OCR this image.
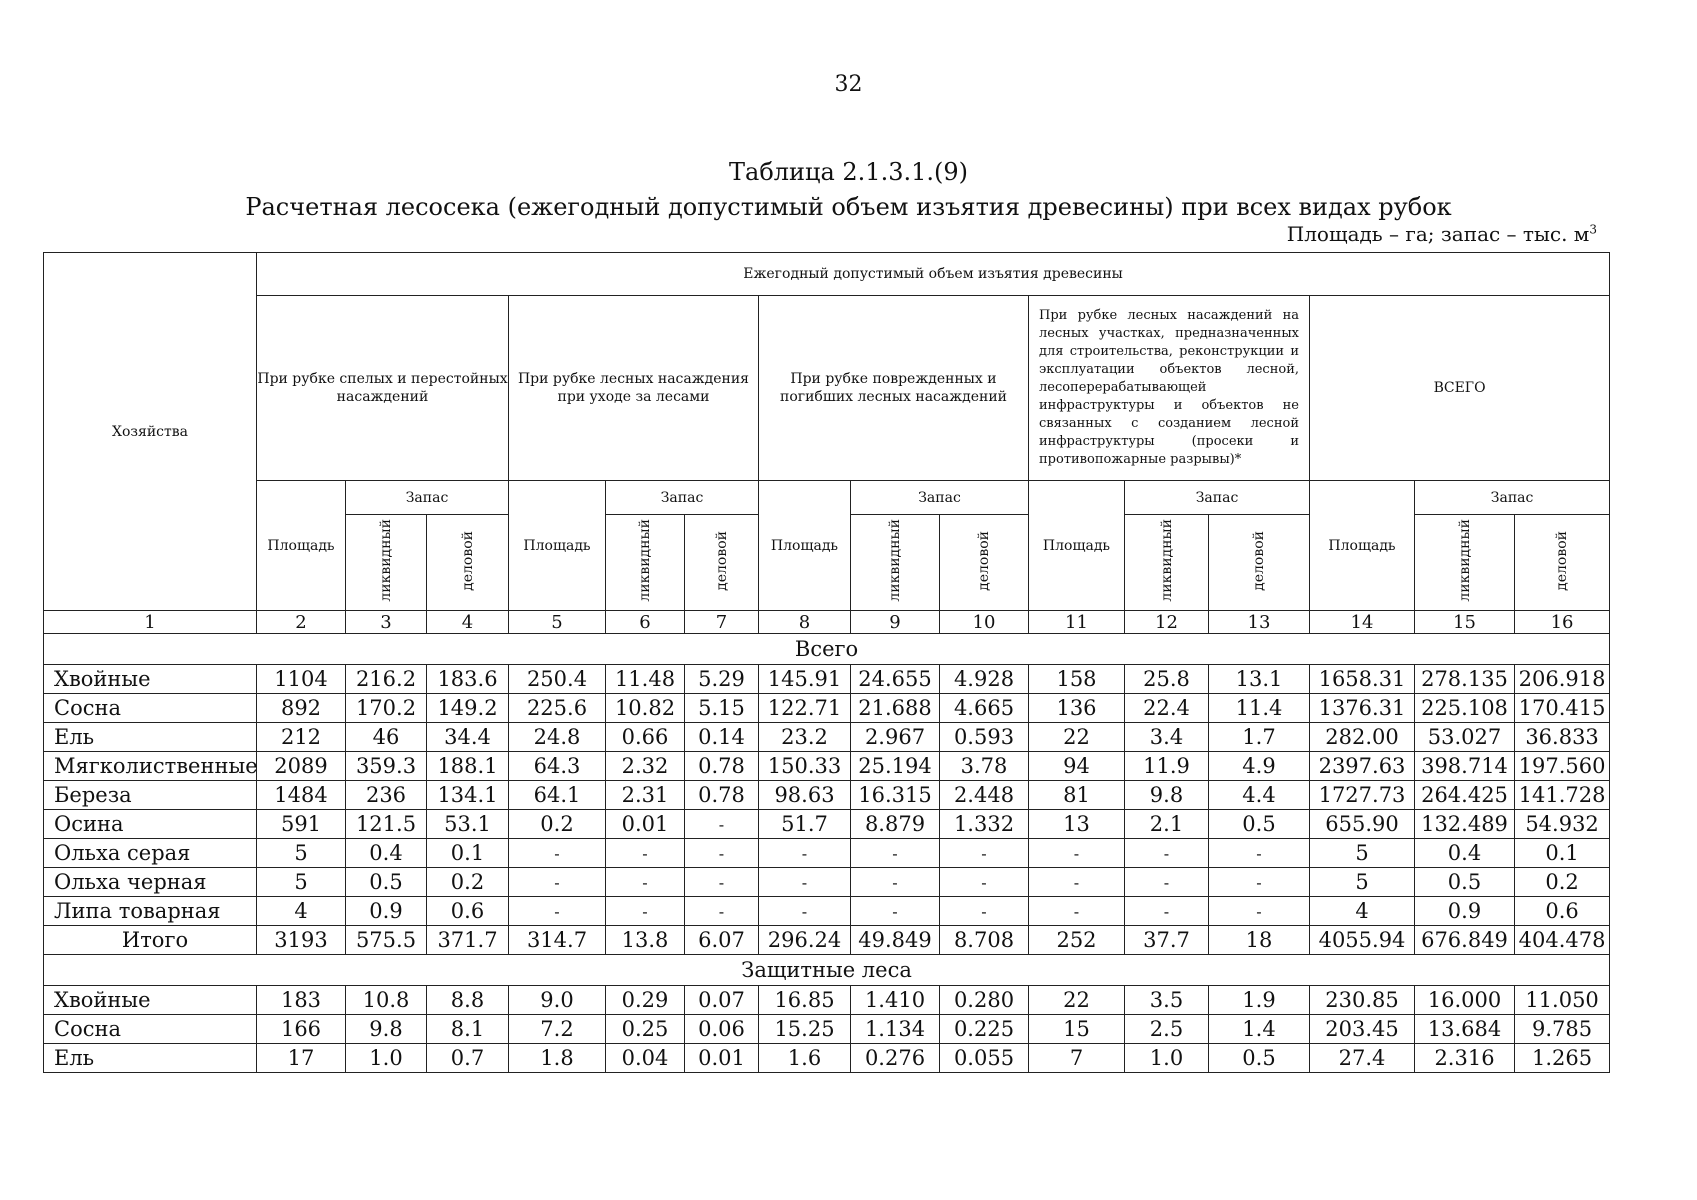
32
Таблица 2.1.3.1.(9)
Расчетная лесосека (ежегодный допустимый объем изъятия древесины) при всех видах рубок
Площадь – га; запас – тыс. $м^3$
Хозяйства	Ежегодный допустимый объем изъятия древесины														
	При рубке спелых и перестойных насаждений			При рубке лесных насаждения при уходе за лесами			При рубке поврежденных и погибших лесных насаждений			При рубке лесных насаждений на лесных участках, предназначенных для строительства, реконструкции и эксплуатации объектов лесной, лесоперерабатывающей инфраструктуры и объектов не связанных с созданием лесной инфраструктуры (просеки и противопожарные разрывы)*			ВСЕГО		
	Площадь	Запас		Площадь	Запас		Площадь	Запас		Площадь	Запас		Площадь	Запас	
		ликвидный	деловой		ликвидный	деловой		ликвидный	деловой		ликвидный	деловой		ликвидный	деловой
1	2	3	4	5	6	7	8	9	10	11	12	13	14	15	16
Всего															
Хвойные	1104	216.2	183.6	250.4	11.48	5.29	145.91	24.655	4.928	158	25.8	13.1	1658.31	278.135	206.918
Сосна	892	170.2	149.2	225.6	10.82	5.15	122.71	21.688	4.665	136	22.4	11.4	1376.31	225.108	170.415
Ель	212	46	34.4	24.8	0.66	0.14	23.2	2.967	0.593	22	3.4	1.7	282.00	53.027	36.833
Мягколиственные	2089	359.3	188.1	64.3	2.32	0.78	150.33	25.194	3.78	94	11.9	4.9	2397.63	398.714	197.560
Береза	1484	236	134.1	64.1	2.31	0.78	98.63	16.315	2.448	81	9.8	4.4	1727.73	264.425	141.728
Осина	591	121.5	53.1	0.2	0.01	-	51.7	8.879	1.332	13	2.1	0.5	655.90	132.489	54.932
Ольха серая	5	0.4	0.1	-	-	-	-	-	-	-	-	-	5	0.4	0.1
Ольха черная	5	0.5	0.2	-	-	-	-	-	-	-	-	-	5	0.5	0.2
Липа товарная	4	0.9	0.6	-	-	-	-	-	-	-	-	-	4	0.9	0.6
Итого	3193	575.5	371.7	314.7	13.8	6.07	296.24	49.849	8.708	252	37.7	18	4055.94	676.849	404.478
Защитные леса															
Хвойные	183	10.8	8.8	9.0	0.29	0.07	16.85	1.410	0.280	22	3.5	1.9	230.85	16.000	11.050
Сосна	166	9.8	8.1	7.2	0.25	0.06	15.25	1.134	0.225	15	2.5	1.4	203.45	13.684	9.785
Ель	17	1.0	0.7	1.8	0.04	0.01	1.6	0.276	0.055	7	1.0	0.5	27.4	2.316	1.265
